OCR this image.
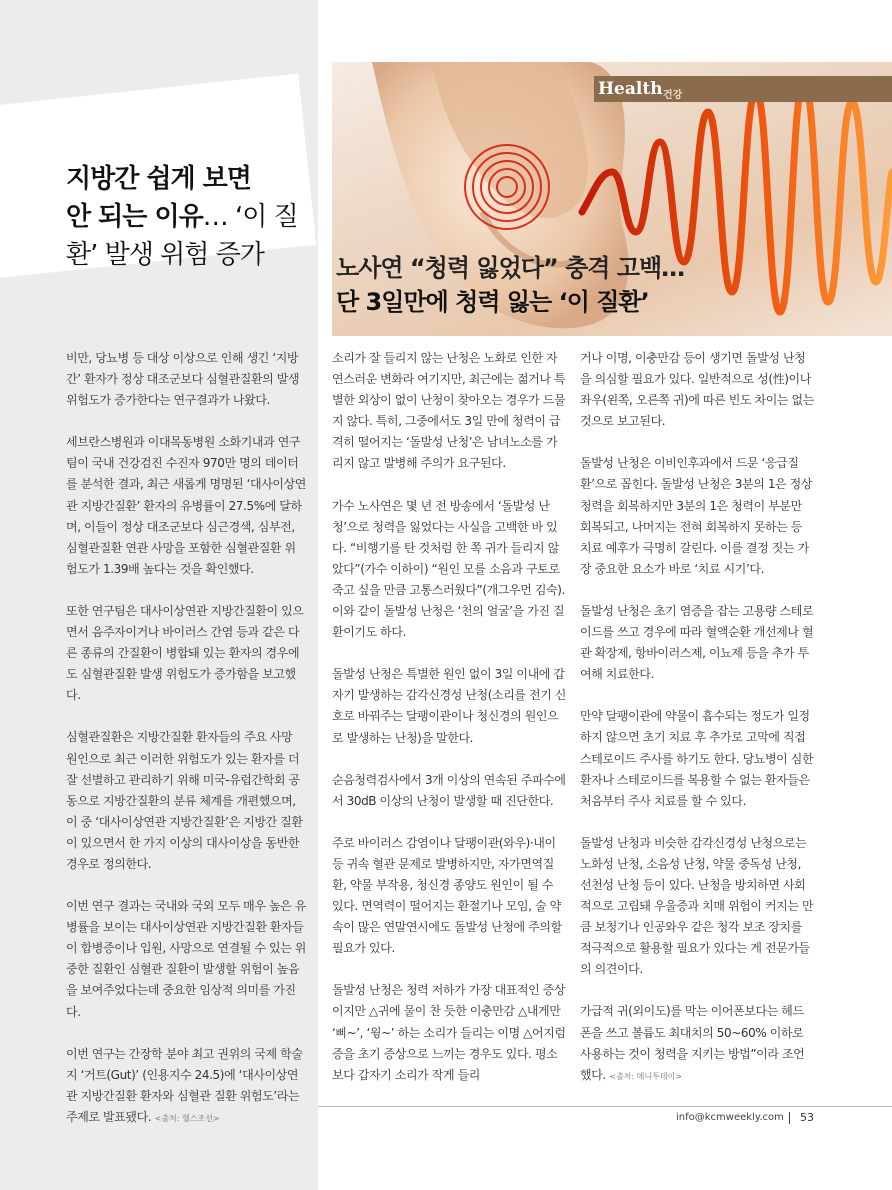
지방간 쉽게 보면
안 되는 이유… ‘이 질
환’ 발생 위험 증가
Health 건강
노사연 “청력 잃었다” 충격 고백…
단 3일만에 청력 잃는 ‘이 질환’

비만, 당뇨병 등 대상 이상으로 인해 생긴 ‘지방간’ 환자가 정상 대조군보다 심혈관질환의 발생 위험도가 증가한다는 연구결과가 나왔다.

세브란스병원과 이대목동병원 소화기내과 연구팀이 국내 건강검진 수진자 970만 명의 데이터를 분석한 결과, 최근 새롭게 명명된 ‘대사이상연관 지방간질환’ 환자의 유병률이 27.5%에 달하며, 이들이 정상 대조군보다 심근경색, 심부전, 심혈관질환 연관 사망을 포함한 심혈관질환 위험도가 1.39배 높다는 것을 확인했다.

또한 연구팀은 대사이상연관 지방간질환이 있으면서 음주자이거나 바이러스 간염 등과 같은 다른 종류의 간질환이 병합돼 있는 환자의 경우에도 심혈관질환 발생 위험도가 증가함을 보고했다.

심혈관질환은 지방간질환 환자들의 주요 사망 원인으로 최근 이러한 위험도가 있는 환자를 더 잘 선별하고 관리하기 위해 미국-유럽간학회 공동으로 지방간질환의 분류 체계를 개편했으며, 이 중 ‘대사이상연관 지방간질환’은 지방간 질환이 있으면서 한 가지 이상의 대사이상을 동반한 경우로 정의한다.

이번 연구 결과는 국내와 국외 모두 매우 높은 유병률을 보이는 대사이상연관 지방간질환 환자들이 합병증이나 입원, 사망으로 연결될 수 있는 위중한 질환인 심혈관 질환이 발생할 위험이 높음을 보여주었다는데 중요한 임상적 의미를 가진다.

이번 연구는 간장학 분야 최고 권위의 국제 학술지 ‘거트(Gut)’ (인용지수 24.5)에 ‘대사이상연관 지방간질환 환자와 심혈관 질환 위험도’라는 주제로 발표됐다. <출처: 헬스조선>

소리가 잘 들리지 않는 난청은 노화로 인한 자연스러운 변화라 여기지만, 최근에는 젊거나 특별한 외상이 없이 난청이 찾아오는 경우가 드물지 않다. 특히, 그중에서도 3일 만에 청력이 급격히 떨어지는 ‘돌발성 난청’은 남녀노소를 가리지 않고 발병해 주의가 요구된다.

가수 노사연은 몇 년 전 방송에서 ‘돌발성 난청’으로 청력을 잃었다는 사실을 고백한 바 있다. “비행기를 탄 것처럼 한 쪽 귀가 들리지 않았다”(가수 이하이) “원인 모를 소음과 구토로 죽고 싶을 만큼 고통스러웠다”(개그우먼 김숙). 이와 같이 돌발성 난청은 ‘천의 얼굴’을 가진 질환이기도 하다.

돌발성 난청은 특별한 원인 없이 3일 이내에 갑자기 발생하는 감각신경성 난청(소리를 전기 신호로 바꿔주는 달팽이관이나 청신경의 원인으로 발생하는 난청)을 말한다.

순음청력검사에서 3개 이상의 연속된 주파수에서 30dB 이상의 난청이 발생할 때 진단한다.

주로 바이러스 감염이나 달팽이관(와우)·내이 등 귀속 혈관 문제로 발병하지만, 자가면역질환, 약물 부작용, 청신경 종양도 원인이 될 수 있다. 면역력이 떨어지는 환절기나 모임, 술 약속이 많은 연말연시에도 돌발성 난청에 주의할 필요가 있다.

돌발성 난청은 청력 저하가 가장 대표적인 증상이지만 △귀에 물이 찬 듯한 이충만감 △내게만 ‘삐~’, ‘윙~’ 하는 소리가 들리는 이명 △어지럼증을 초기 증상으로 느끼는 경우도 있다. 평소보다 갑자기 소리가 작게 들리

거나 이명, 이충만감 등이 생기면 돌발성 난청을 의심할 필요가 있다. 일반적으로 성(性)이나 좌우(왼쪽, 오른쪽 귀)에 따른 빈도 차이는 없는 것으로 보고된다.

돌발성 난청은 이비인후과에서 드문 ‘응급질환’으로 꼽힌다. 돌발성 난청은 3분의 1은 정상 청력을 회복하지만 3분의 1은 청력이 부분만 회복되고, 나머지는 전혀 회복하지 못하는 등 치료 예후가 극명히 갈린다. 이를 결정 짓는 가장 중요한 요소가 바로 ‘치료 시기’다.

돌발성 난청은 초기 염증을 잡는 고용량 스테로이드를 쓰고 경우에 따라 혈액순환 개선제나 혈관 확장제, 항바이러스제, 이뇨제 등을 추가 투여해 치료한다.

만약 달팽이관에 약물이 흡수되는 정도가 일정하지 않으면 초기 치료 후 추가로 고막에 직접 스테로이드 주사를 하기도 한다. 당뇨병이 심한 환자나 스테로이드를 복용할 수 없는 환자들은 처음부터 주사 치료를 할 수 있다.

돌발성 난청과 비슷한 감각신경성 난청으로는 노화성 난청, 소음성 난청, 약물 중독성 난청, 선천성 난청 등이 있다. 난청을 방치하면 사회적으로 고립돼 우울증과 치매 위험이 커지는 만큼 보청기나 인공와우 같은 청각 보조 장치를 적극적으로 활용할 필요가 있다는 게 전문가들의 의견이다.

가급적 귀(외이도)를 막는 이어폰보다는 헤드폰을 쓰고 볼륨도 최대치의 50~60% 이하로 사용하는 것이 청력을 지키는 방법”이라 조언했다. <출처: 메니투데이>

info@kcmweekly.com 53
